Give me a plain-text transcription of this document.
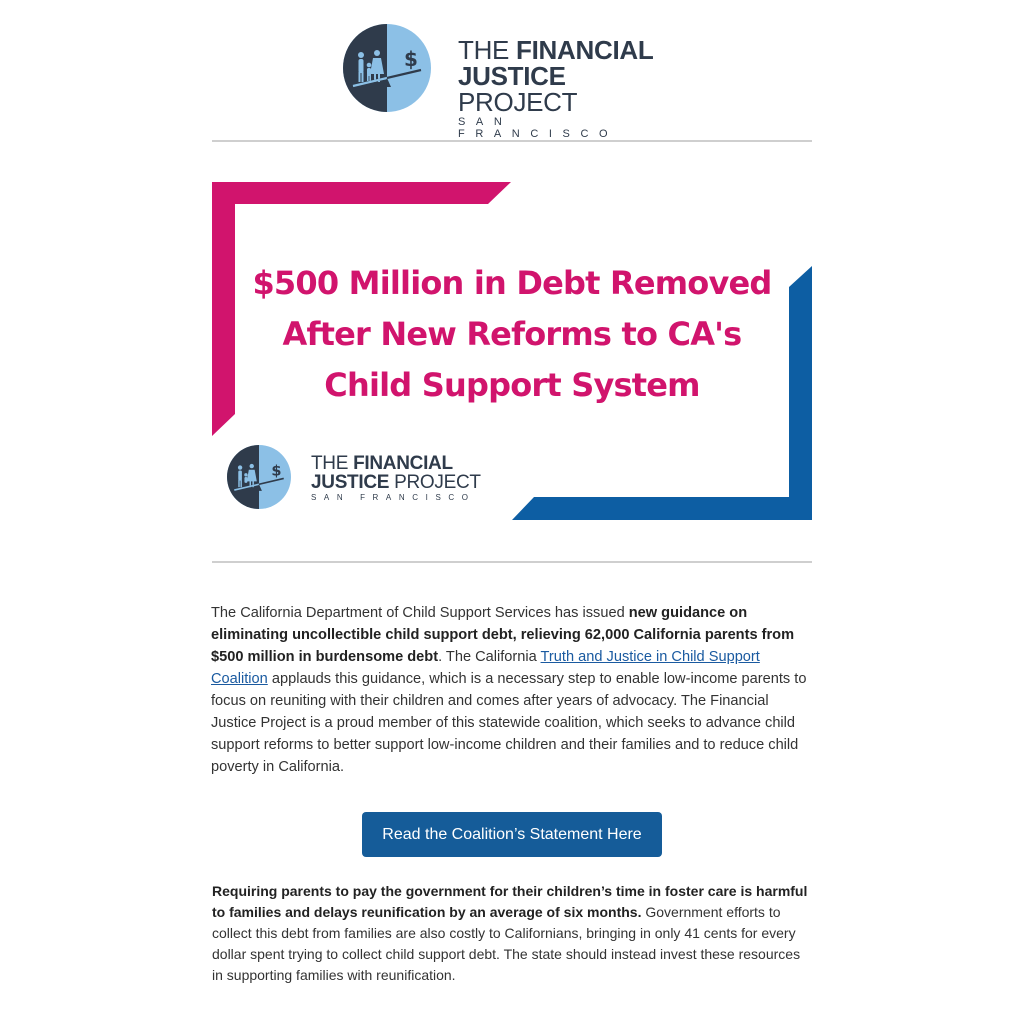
$ THE FINANCIAL
JUSTICE PROJECT
SAN FRANCISCO
$500 Million in Debt Removed
After New Reforms to CA's
Child Support System
$ THE FINANCIAL
JUSTICE PROJECT
SAN FRANCISCO
The California Department of Child Support Services has issued new guidance on eliminating uncollectible child support debt, relieving 62,000 California parents from $500 million in burdensome debt. The California Truth and Justice in Child Support Coalition applauds this guidance, which is a necessary step to enable low-income parents to focus on reuniting with their children and comes after years of advocacy. The Financial Justice Project is a proud member of this statewide coalition, which seeks to advance child support reforms to better support low-income children and their families and to reduce child poverty in California.
Read the Coalition’s Statement Here
Requiring parents to pay the government for their children’s time in foster care is harmful to families and delays reunification by an average of six months. Government efforts to collect this debt from families are also costly to Californians, bringing in only 41 cents for every dollar spent trying to collect child support debt. The state should instead invest these resources in supporting families with reunification.
